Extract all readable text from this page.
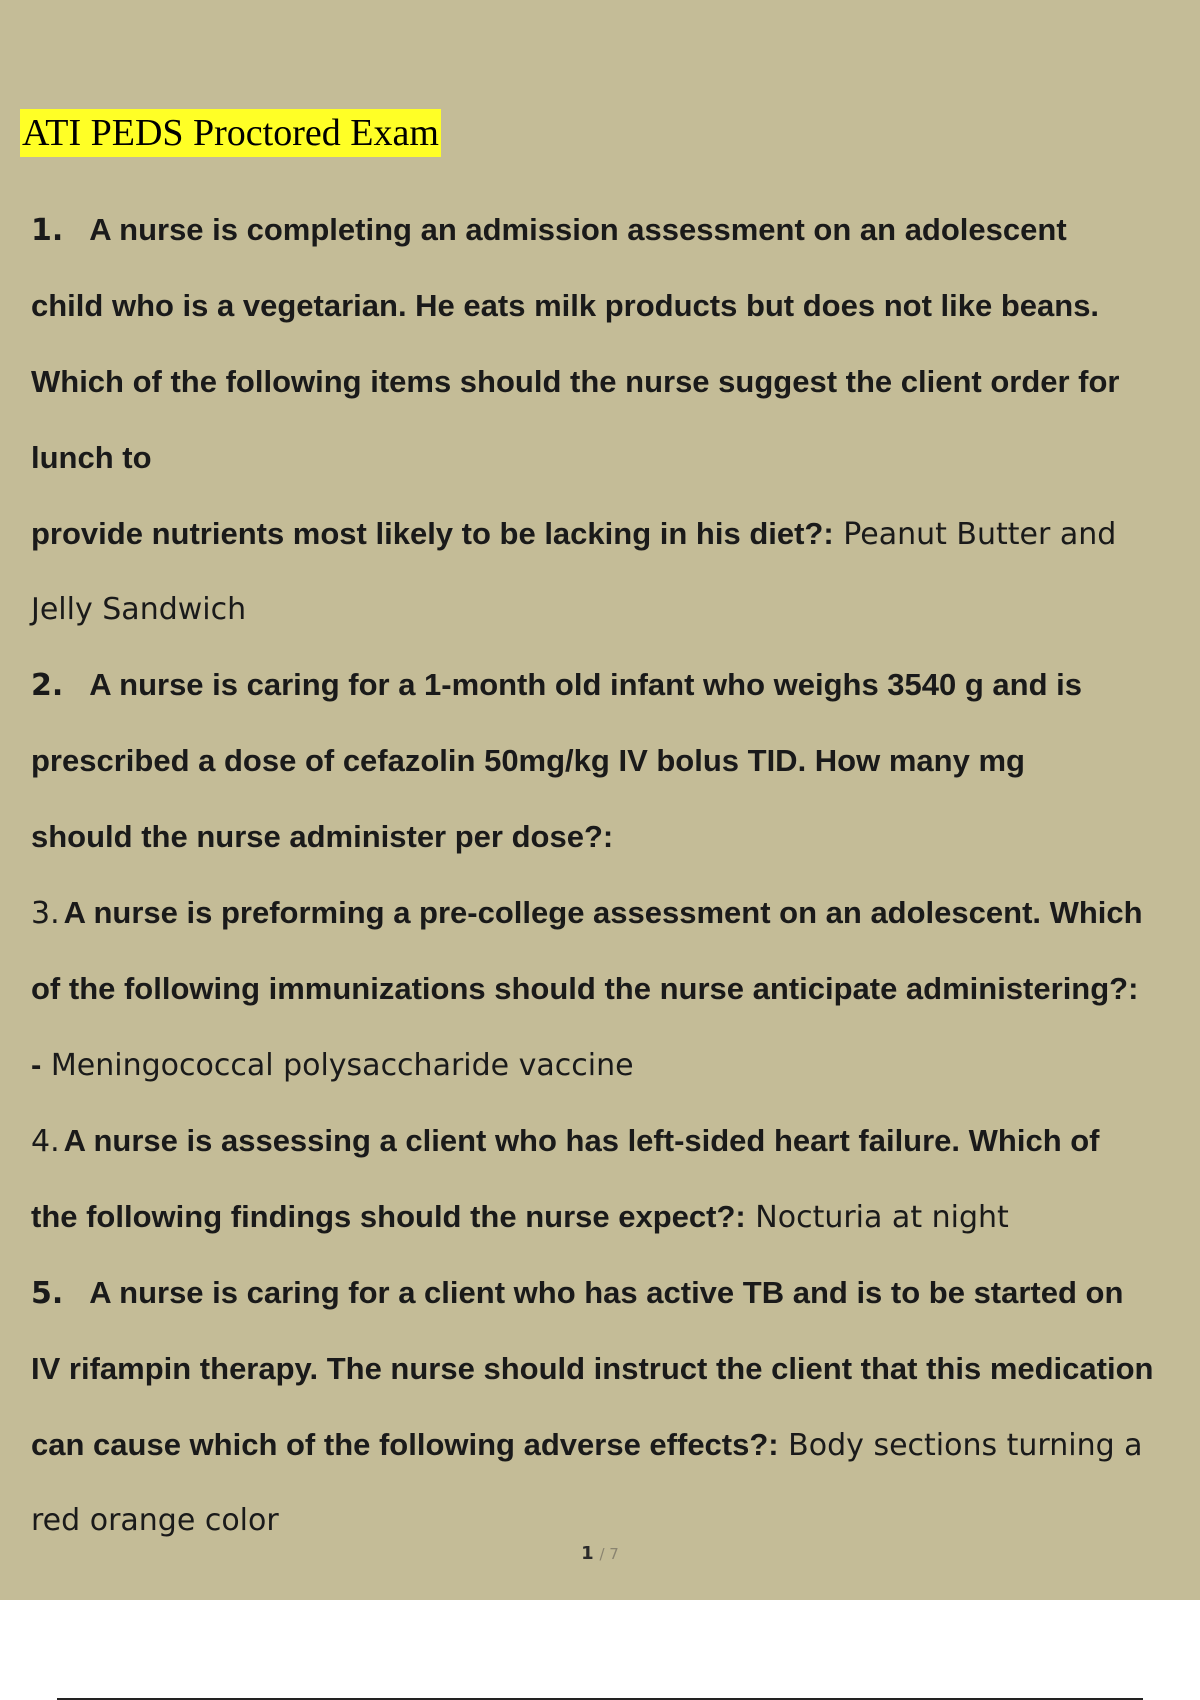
ATI PEDS Proctored Exam
1. A nurse is completing an admission assessment on an adolescent
child who is a vegetarian. He eats milk products but does not like beans.
Which of the following items should the nurse suggest the client order for
lunch to
provide nutrients most likely to be lacking in his diet?: Peanut Butter and
Jelly Sandwich
2. A nurse is caring for a 1-month old infant who weighs 3540 g and is
prescribed a dose of cefazolin 50mg/kg IV bolus TID. How many mg
should the nurse administer per dose?:
3. A nurse is preforming a pre-college assessment on an adolescent. Which
of the following immunizations should the nurse anticipate administering?:
- Meningococcal polysaccharide vaccine
4. A nurse is assessing a client who has left-sided heart failure. Which of
the following findings should the nurse expect?: Nocturia at night
5. A nurse is caring for a client who has active TB and is to be started on
IV rifampin therapy. The nurse should instruct the client that this medication
can cause which of the following adverse effects?: Body sections turning a
red orange color
1 / 7
